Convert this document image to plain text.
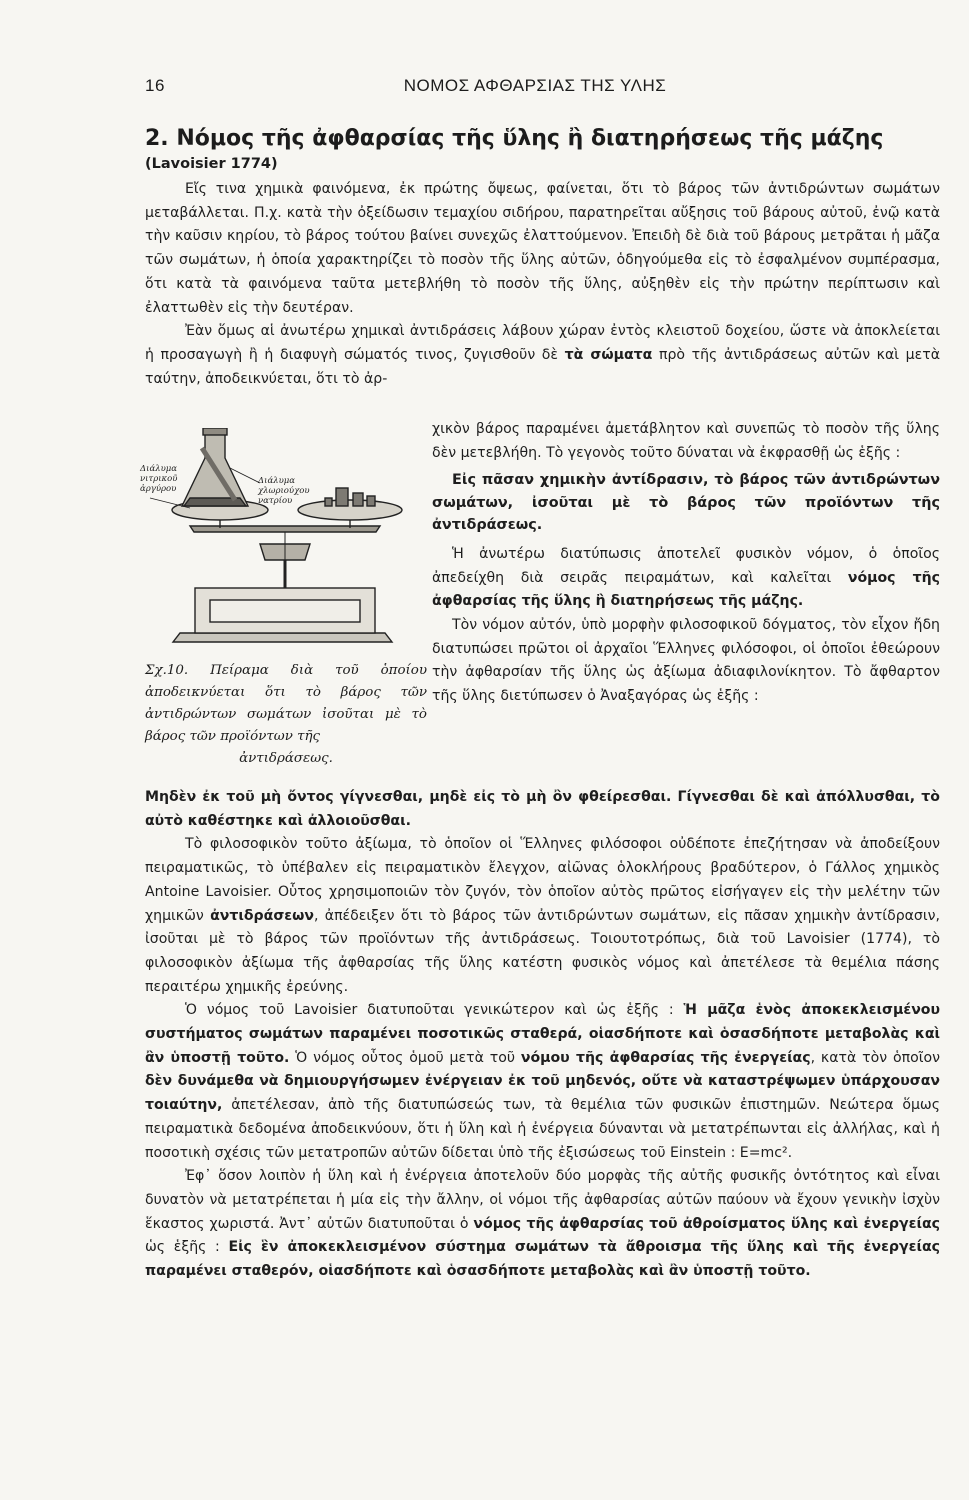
16	ΝΟΜΟΣ ΑΦΘΑΡΣΙΑΣ ΤΗΣ ΥΛΗΣ
2. Νόμος τῆς ἀφθαρσίας τῆς ὕλης ἢ διατηρήσεως τῆς μάζης
(Lavoisier 1774)

Εἴς τινα χημικὰ φαινόμενα, ἐκ πρώτης ὄψεως, φαίνεται, ὅτι τὸ βάρος τῶν ἀντιδρώντων σωμάτων μεταβάλλεται. Π.χ. κατὰ τὴν ὀξείδωσιν τεμαχίου σιδήρου, παρατηρεῖται αὔξησις τοῦ βάρους αὐτοῦ, ἐνῷ κατὰ τὴν καῦσιν κηρίου, τὸ βάρος τούτου βαίνει συνεχῶς ἐλαττούμενον. Ἐπειδὴ δὲ διὰ τοῦ βάρους μετρᾶται ἡ μᾶζα τῶν σωμάτων, ἡ ὁποία χαρακτηρίζει τὸ ποσὸν τῆς ὕλης αὐτῶν, ὁδηγούμεθα εἰς τὸ ἐσφαλμένον συμπέρασμα, ὅτι κατὰ τὰ φαινόμενα ταῦτα μετεβλήθη τὸ ποσὸν τῆς ὕλης, αὐξηθὲν εἰς τὴν πρώτην περίπτωσιν καὶ ἐλαττωθὲν εἰς τὴν δευτέραν.

Ἐὰν ὅμως αἱ ἀνωτέρω χημικαὶ ἀντιδράσεις λάβουν χώραν ἐντὸς κλειστοῦ δοχείου, ὥστε νὰ ἀποκλείεται ἡ προσαγωγὴ ἢ ἡ διαφυγὴ σώματός τινος, ζυγισθοῦν δὲ τὰ σώματα πρὸ τῆς ἀντιδράσεως αὐτῶν καὶ μετὰ ταύτην, ἀποδεικνύεται, ὅτι τὸ ἀρ-

χικὸν βάρος παραμένει ἀμετάβλητον καὶ συνεπῶς τὸ ποσὸν τῆς ὕλης δὲν μετεβλήθη. Τὸ γεγονὸς τοῦτο δύναται νὰ ἐκφρασθῇ ὡς ἑξῆς :

Εἰς πᾶσαν χημικὴν ἀντίδρασιν, τὸ βάρος τῶν ἀντιδρώντων σωμάτων, ἰσοῦται μὲ τὸ βάρος τῶν προϊόντων τῆς ἀντιδράσεως.

Ἡ ἀνωτέρω διατύπωσις ἀποτελεῖ φυσικὸν νόμον, ὁ ὁποῖος ἀπεδείχθη διὰ σειρᾶς πειραμάτων, καὶ καλεῖται νόμος τῆς ἀφθαρσίας τῆς ὕλης ἢ διατηρήσεως τῆς μάζης.

Τὸν νόμον αὐτόν, ὑπὸ μορφὴν φιλοσοφικοῦ δόγματος, τὸν εἶχον ἤδη διατυπώσει πρῶτοι οἱ ἀρχαῖοι Ἕλληνες φιλόσοφοι, οἱ ὁποῖοι ἐθεώρουν τὴν ἀφθαρσίαν τῆς ὕλης ὡς ἀξίωμα ἀδιαφιλονίκητον. Τὸ ἄφθαρτον τῆς ὕλης διετύπωσεν ὁ Ἀναξαγόρας ὡς ἑξῆς :

Διάλυμα νιτρικοῦ ἀργύρου
Διάλυμα χλωριούχου νατρίου
Σχ.10. Πείραμα διὰ τοῦ ὁποίου ἀποδεικνύεται ὅτι τὸ βάρος τῶν ἀντιδρώντων σωμάτων ἰσοῦται μὲ τὸ βάρος τῶν προϊόντων τῆς
ἀντιδράσεως.

Μηδὲν ἐκ τοῦ μὴ ὄντος γίγνεσθαι, μηδὲ εἰς τὸ μὴ ὂν φθείρεσθαι. Γίγνεσθαι δὲ καὶ ἀπόλλυσθαι, τὸ αὐτὸ καθέστηκε καὶ ἀλλοιοῦσθαι.

Τὸ φιλοσοφικὸν τοῦτο ἀξίωμα, τὸ ὁποῖον οἱ Ἕλληνες φιλόσοφοι οὐδέποτε ἐπεζήτησαν νὰ ἀποδείξουν πειραματικῶς, τὸ ὑπέβαλεν εἰς πειραματικὸν ἔλεγχον, αἰῶνας ὁλοκλήρους βραδύτερον, ὁ Γάλλος χημικὸς Antoine Lavoisier. Οὗτος χρησιμοποιῶν τὸν ζυγόν, τὸν ὁποῖον αὐτὸς πρῶτος εἰσήγαγεν εἰς τὴν μελέτην τῶν χημικῶν ἀντιδράσεων, ἀπέδειξεν ὅτι τὸ βάρος τῶν ἀντιδρώντων σωμάτων, εἰς πᾶσαν χημικὴν ἀντίδρασιν, ἰσοῦται μὲ τὸ βάρος τῶν προϊόντων τῆς ἀντιδράσεως. Τοιουτοτρόπως, διὰ τοῦ Lavoisier (1774), τὸ φιλοσοφικὸν ἀξίωμα τῆς ἀφθαρσίας τῆς ὕλης κατέστη φυσικὸς νόμος καὶ ἀπετέλεσε τὰ θεμέλια πάσης περαιτέρω χημικῆς ἐρεύνης.

Ὁ νόμος τοῦ Lavoisier διατυποῦται γενικώτερον καὶ ὡς ἑξῆς : Ἡ μᾶζα ἑνὸς ἀποκεκλεισμένου συστήματος σωμάτων παραμένει ποσοτικῶς σταθερά, οἱασδήποτε καὶ ὁσασδήποτε μεταβολὰς καὶ ἂν ὑποστῇ τοῦτο. Ὁ νόμος οὗτος ὁμοῦ μετὰ τοῦ νόμου τῆς ἀφθαρσίας τῆς ἐνεργείας, κατὰ τὸν ὁποῖον δὲν δυνάμεθα νὰ δημιουργήσωμεν ἐνέργειαν ἐκ τοῦ μηδενός, οὔτε νὰ καταστρέψωμεν ὑπάρχουσαν τοιαύτην, ἀπετέλεσαν, ἀπὸ τῆς διατυπώσεώς των, τὰ θεμέλια τῶν φυσικῶν ἐπιστημῶν. Νεώτερα ὅμως πειραματικὰ δεδομένα ἀποδεικνύουν, ὅτι ἡ ὕλη καὶ ἡ ἐνέργεια δύνανται νὰ μετατρέπωνται εἰς ἀλλήλας, καὶ ἡ ποσοτικὴ σχέσις τῶν μετατροπῶν αὐτῶν δίδεται ὑπὸ τῆς ἐξισώσεως τοῦ Einstein : E=mc².

Ἐφ᾽ ὅσον λοιπὸν ἡ ὕλη καὶ ἡ ἐνέργεια ἀποτελοῦν δύο μορφὰς τῆς αὐτῆς φυσικῆς ὀντότητος καὶ εἶναι δυνατὸν νὰ μετατρέπεται ἡ μία εἰς τὴν ἄλλην, οἱ νόμοι τῆς ἀφθαρσίας αὐτῶν παύουν νὰ ἔχουν γενικὴν ἰσχὺν ἕκαστος χωριστά. Ἀντ᾽ αὐτῶν διατυποῦται ὁ νόμος τῆς ἀφθαρσίας τοῦ ἀθροίσματος ὕλης καὶ ἐνεργείας ὡς ἑξῆς : Εἰς ἓν ἀποκεκλεισμένον σύστημα σωμάτων τὰ ἄθροισμα τῆς ὕλης καὶ τῆς ἐνεργείας παραμένει σταθερόν, οἱασδήποτε καὶ ὁσασδήποτε μεταβολὰς καὶ ἂν ὑποστῇ τοῦτο.
